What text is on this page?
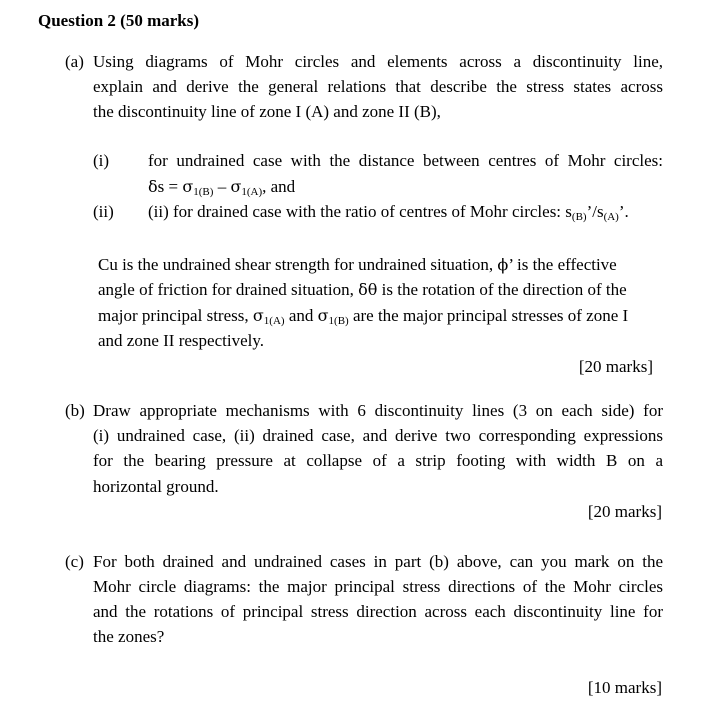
Question 2 (50 marks)
(a) Using diagrams of Mohr circles and elements across a discontinuity line,
explain and derive the general relations that describe the stress states across
the discontinuity line of zone I (A) and zone II (B),
(i) for undrained case with the distance between centres of Mohr circles:
$\delta s = \sigma_{1(B)} - \sigma_{1(A)}$, and
(ii) (ii) for drained case with the ratio of centres of Mohr circles: $s_{(B)}’/s_{(A)}$’.
Cu is the undrained shear strength for undrained situation, ϕ’ is the effective
angle of friction for drained situation, δθ is the rotation of the direction of the
major principal stress, $\sigma_{1(A)}$ and $\sigma_{1(B)}$ are the major principal stresses of zone I
and zone II respectively.
[20 marks]
(b) Draw appropriate mechanisms with 6 discontinuity lines (3 on each side) for
(i) undrained case, (ii) drained case, and derive two corresponding expressions
for the bearing pressure at collapse of a strip footing with width B on a
horizontal ground.
[20 marks]
(c) For both drained and undrained cases in part (b) above, can you mark on the
Mohr circle diagrams: the major principal stress directions of the Mohr circles
and the rotations of principal stress direction across each discontinuity line for
the zones?
[10 marks]
